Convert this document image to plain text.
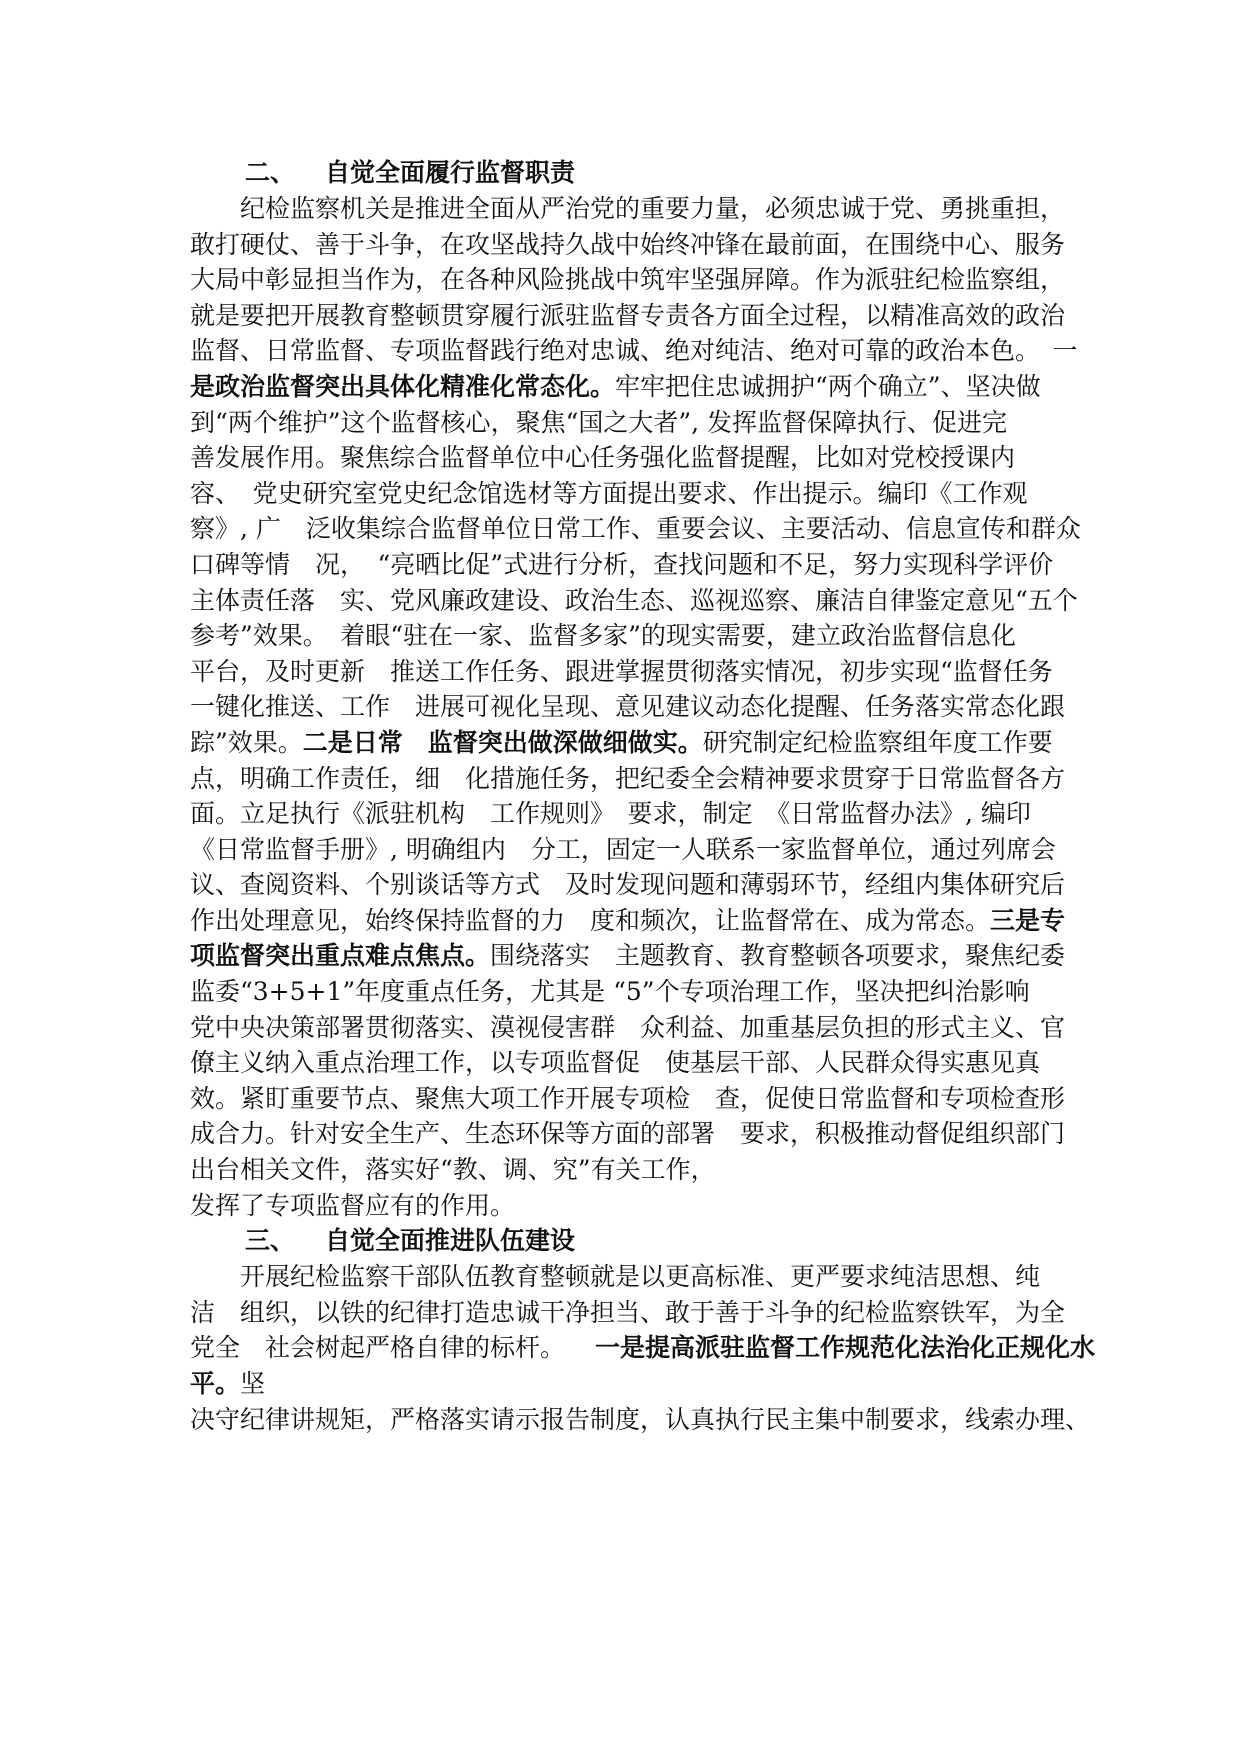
二、 自觉全面履行监督职责

纪检监察机关是推进全面从严治党的重要力量，必须忠诚于党、勇挑重担，

敢打硬仗、善于斗争，在攻坚战持久战中始终冲锋在最前面，在围绕中心、服务

大局中彰显担当作为，在各种风险挑战中筑牢坚强屏障。作为派驻纪检监察组，

就是要把开展教育整顿贯穿履行派驻监督专责各方面全过程，以精准高效的政治

监督、日常监督、专项监督践行绝对忠诚、绝对纯洁、绝对可靠的政治本色。　一

是政治监督突出具体化精准化常态化。牢牢把住忠诚拥护“两个确立”、坚决做

到“两个维护”这个监督核心，聚焦“国之大者”, 发挥监督保障执行、促进完

善发展作用。聚焦综合监督单位中心任务强化监督提醒，比如对党校授课内

容、　党史研究室党史纪念馆选材等方面提出要求、作出提示。编印《工作观

察》, 广　泛收集综合监督单位日常工作、重要会议、主要活动、信息宣传和群众

口碑等情　况，　“亮晒比促”式进行分析，查找问题和不足，努力实现科学评价

主体责任落　实、党风廉政建设、政治生态、巡视巡察、廉洁自律鉴定意见“五个

参考”效果。　着眼“驻在一家、监督多家”的现实需要，建立政治监督信息化

平台，及时更新　推送工作任务、跟进掌握贯彻落实情况，初步实现“监督任务

一键化推送、工作　进展可视化呈现、意见建议动态化提醒、任务落实常态化跟

踪”效果。二是日常　监督突出做深做细做实。研究制定纪检监察组年度工作要

点，明确工作责任，细　化措施任务，把纪委全会精神要求贯穿于日常监督各方

面。立足执行《派驻机构　工作规则》　要求，制定　《日常监督办法》, 编印

《日常监督手册》, 明确组内　分工，固定一人联系一家监督单位，通过列席会

议、查阅资料、个别谈话等方式　及时发现问题和薄弱环节，经组内集体研究后

作出处理意见，始终保持监督的力　度和频次，让监督常在、成为常态。三是专

项监督突出重点难点焦点。围绕落实　主题教育、教育整顿各项要求，聚焦纪委

监委“3+5+1”年度重点任务，尤其是 “5”个专项治理工作，坚决把纠治影响

党中央决策部署贯彻落实、漠视侵害群　众利益、加重基层负担的形式主义、官

僚主义纳入重点治理工作，以专项监督促　使基层干部、人民群众得实惠见真

效。紧盯重要节点、聚焦大项工作开展专项检　查，促使日常监督和专项检查形

成合力。针对安全生产、生态环保等方面的部署　要求，积极推动督促组织部门

出台相关文件，落实好“教、调、究”有关工作，

发挥了专项监督应有的作用。

三、 自觉全面推进队伍建设

开展纪检监察干部队伍教育整顿就是以更高标准、更严要求纯洁思想、纯

洁　组织，以铁的纪律打造忠诚干净担当、敢于善于斗争的纪检监察铁军，为全

党全　社会树起严格自律的标杆。 一是提高派驻监督工作规范化法治化正规化水

平。坚

决守纪律讲规矩，严格落实请示报告制度，认真执行民主集中制要求，线索办理、
